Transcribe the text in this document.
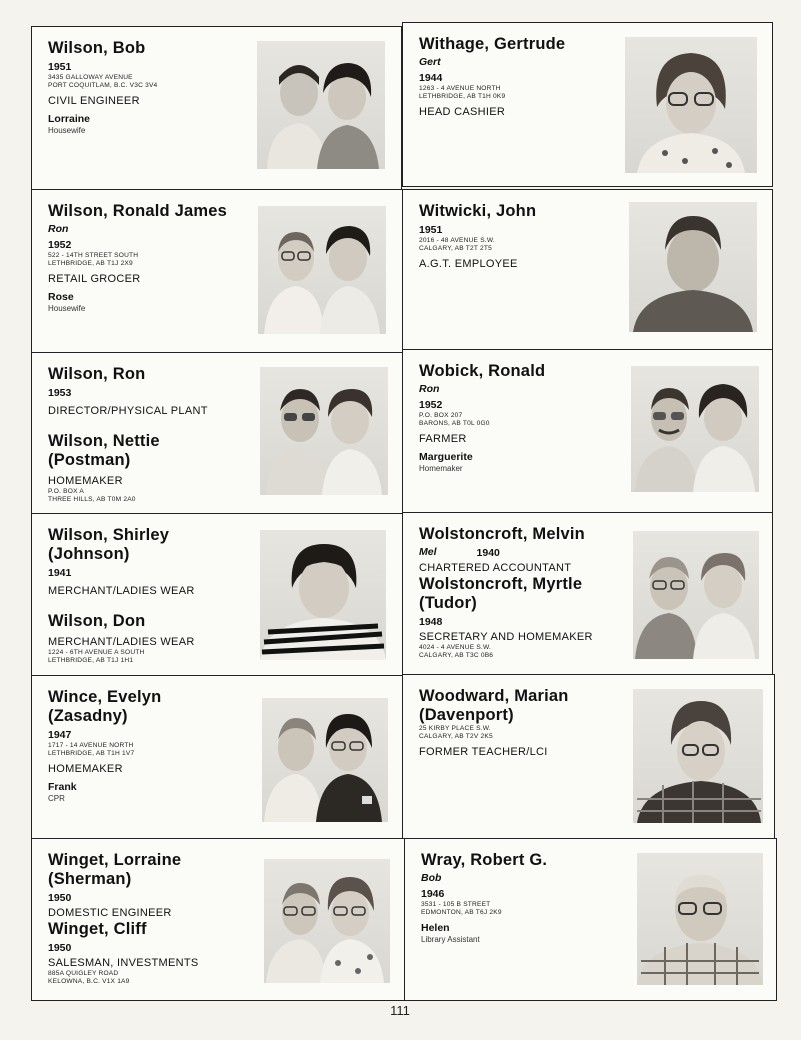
Wilson, Bob
1951
3435 GALLOWAY AVENUE
PORT COQUITLAM, B.C. V3C 3V4
CIVIL ENGINEER
Lorraine
Housewife
Withage, Gertrude
Gert
1944
1263 - 4 AVENUE NORTH
LETHBRIDGE, AB T1H 0K9
HEAD CASHIER
Wilson, Ronald James
Ron
1952
522 - 14TH STREET SOUTH
LETHBRIDGE, AB T1J 2X9
RETAIL GROCER
Rose
Housewife
Witwicki, John
1951
2016 - 48 AVENUE S.W.
CALGARY, AB T2T 2T5
A.G.T. EMPLOYEE
Wilson, Ron
1953
DIRECTOR/PHYSICAL PLANT
Wilson, Nettie
(Postman)
HOMEMAKER
P.O. BOX A
THREE HILLS, AB T0M 2A0
Wobick, Ronald
Ron
1952
P.O. BOX 207
BARONS, AB T0L 0G0
FARMER
Marguerite
Homemaker
Wilson, Shirley
(Johnson)
1941
MERCHANT/LADIES WEAR
Wilson, Don
MERCHANT/LADIES WEAR
1224 - 6TH AVENUE A SOUTH
LETHBRIDGE, AB T1J 1H1
Wolstoncroft, Melvin
Mel	1940
CHARTERED ACCOUNTANT
Wolstoncroft, Myrtle
(Tudor)
1948
SECRETARY AND HOMEMAKER
4024 - 4 AVENUE S.W.
CALGARY, AB T3C 0B6
Wince, Evelyn
(Zasadny)
1947
1717 - 14 AVENUE NORTH
LETHBRIDGE, AB T1H 1V7
HOMEMAKER
Frank
CPR
Woodward, Marian
(Davenport)
25 KIRBY PLACE S.W.
CALGARY, AB T2V 2K5
FORMER TEACHER/LCI
Winget, Lorraine
(Sherman)
1950
DOMESTIC ENGINEER
Winget, Cliff
1950
SALESMAN, INVESTMENTS
885A QUIGLEY ROAD
KELOWNA, B.C. V1X 1A9
Wray, Robert G.
Bob
1946
3531 - 105 B STREET
EDMONTON, AB T6J 2K9
Helen
Library Assistant
111
